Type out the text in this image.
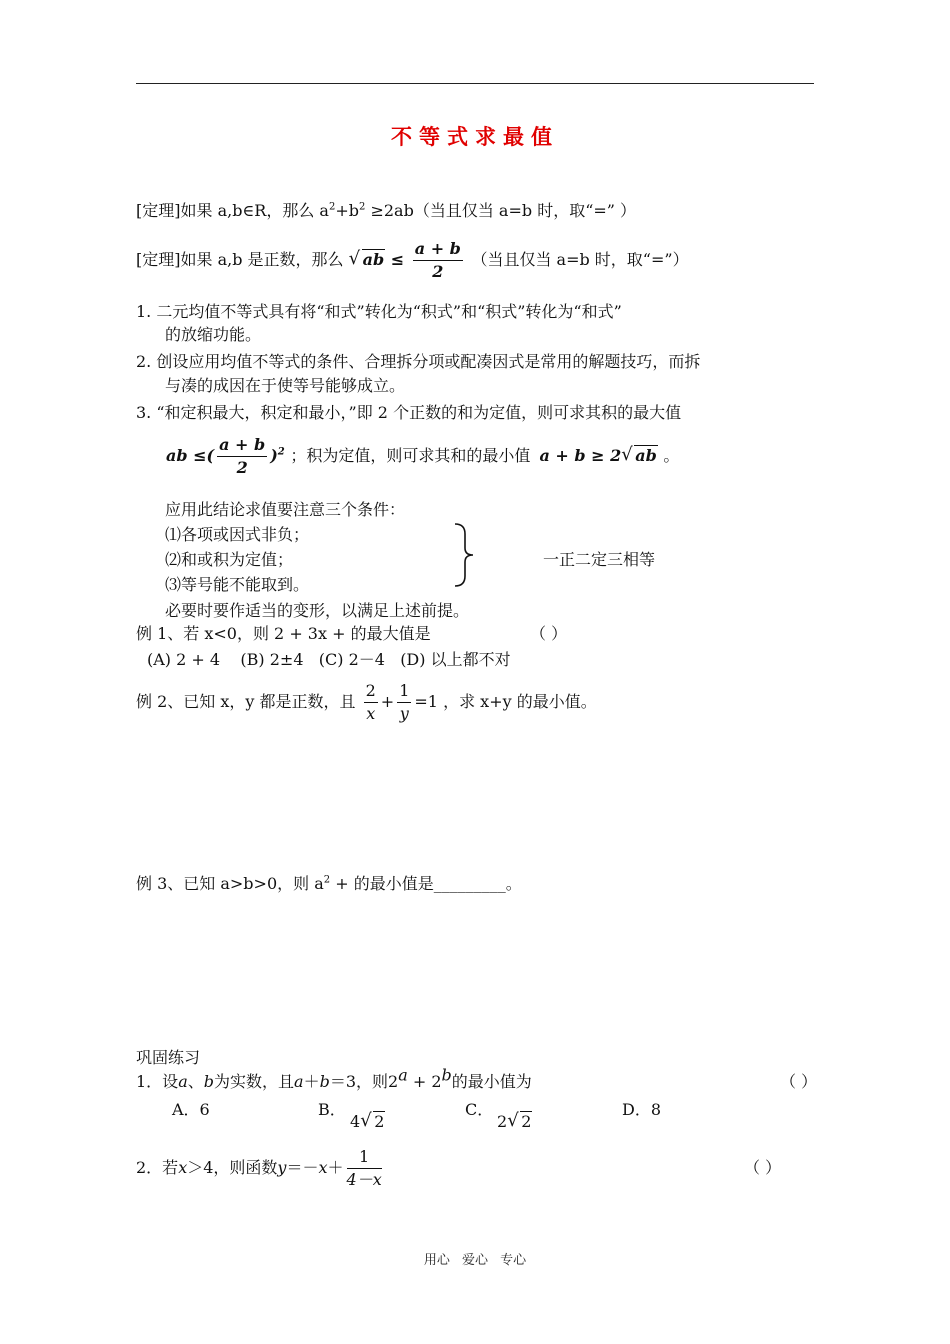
不等式求最值
[定理]如果 a,b∈R，那么 $a^2+b^2 \ge 2ab$（当且仅当 a=b 时，取“=” ）
[定理]如果 a,b 是正数，那么 √ ab ≤ $\frac{a + b}{2}$ （当且仅当 a=b 时，取“=”）
1. 二元均值不等式具有将“和式”转化为“积式”和“积式”转化为“和式”
的放缩功能。
2. 创设应用均值不等式的条件、合理拆分项或配凑因式是常用的解题技巧，而拆
与凑的成因在于使等号能够成立。
3. “和定积最大，积定和最小，”即 2 个正数的和为定值，则可求其积的最大值
ab ≤( $\frac{a + b}{2} )^2$ ；积为定值，则可求其和的最小值 a + b ≥ 2 √ ab 。
应用此结论求值要注意三个条件：
⑴各项或因式非负；
⑵和或积为定值；
⑶等号能不能取到。
一正二定三相等
必要时要作适当的变形，以满足上述前提。
例 1、若 x<0，则 2 + 3x + 的最大值是	（ ）
(A) 2 + 4    (B) 2±4   (C) 2－4   (D) 以上都不对
例 2、已知 x，y 都是正数，且 $\frac{2}{x} + \frac{1}{y} =1$ ，求 x+y 的最小值。
例 3、已知 a>b>0，则 $a^2$ + 的最小值是_________。
巩固练习
1．设a、b为实数，且a＋b＝3，则$2^a + 2^b$的最小值为	（ ）
A．6	B．
4 √ 2
C．
2 √ 2
D．8
2．若x＞4，则函数$y=-x+ \frac{1}{4-x}$	（ ）
用心 爱心 专心
